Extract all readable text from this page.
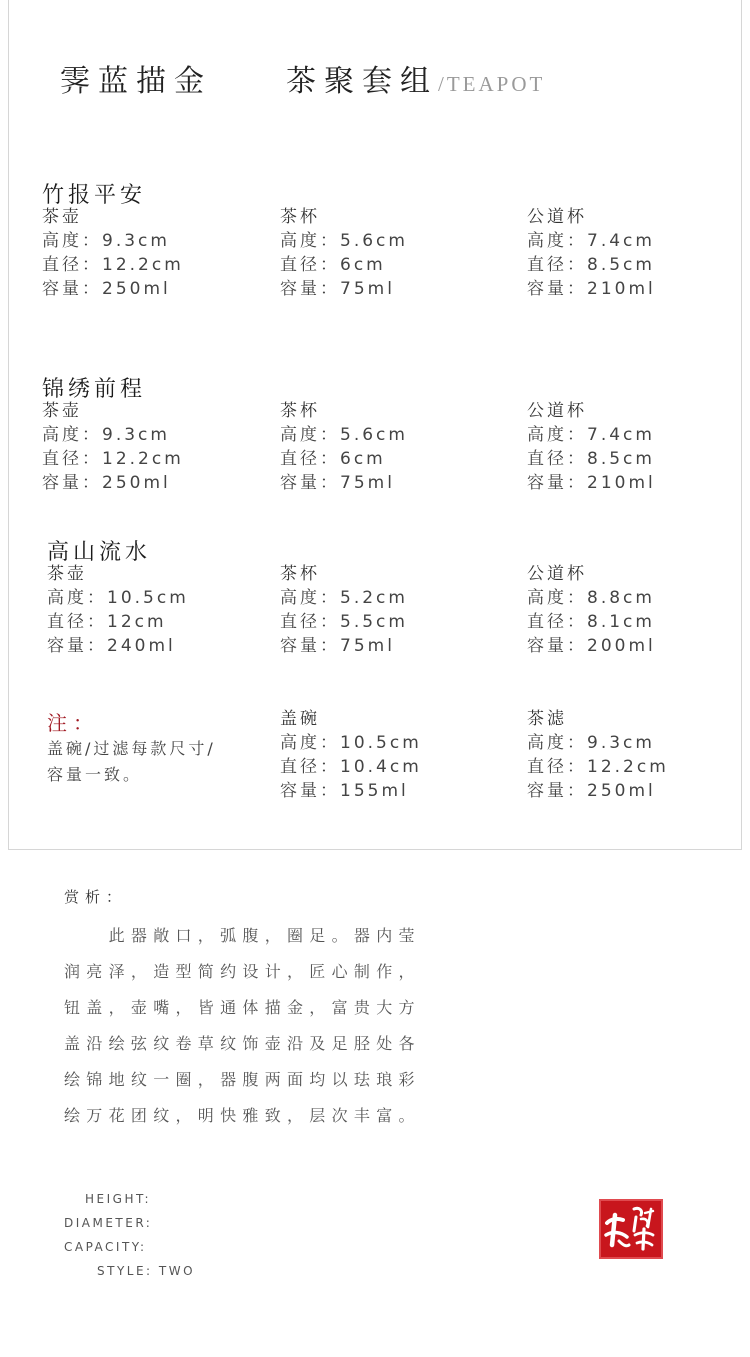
霁蓝描金 茶聚套组/TEAPOT
竹报平安
茶壶
高度：9.3cm
直径：12.2cm
容量：250ml
茶杯
高度：5.6cm
直径：6cm
容量：75ml
公道杯
高度：7.4cm
直径：8.5cm
容量：210ml
锦绣前程
茶壶
高度：9.3cm
直径：12.2cm
容量：250ml
茶杯
高度：5.6cm
直径：6cm
容量：75ml
公道杯
高度：7.4cm
直径：8.5cm
容量：210ml
高山流水
茶壶
高度：10.5cm
直径：12cm
容量：240ml
茶杯
高度：5.2cm
直径：5.5cm
容量：75ml
公道杯
高度：8.8cm
直径：8.1cm
容量：200ml
注：
盖碗/过滤每款尺寸/容量一致。
盖碗
高度：10.5cm
直径：10.4cm
容量：155ml
茶滤
高度：9.3cm
直径：12.2cm
容量：250ml
赏析：

　　此器敞口，弧腹，圈足。器内莹

润亮泽，造型简约设计，匠心制作，

钮盖，壶嘴，皆通体描金，富贵大方

盖沿绘弦纹卷草纹饰壶沿及足胫处各

绘锦地纹一圈，器腹两面均以珐琅彩

绘万花团纹，明快雅致，层次丰富。

HEIGHT:
DIAMETER:
CAPACITY:
STYLE: TWO
